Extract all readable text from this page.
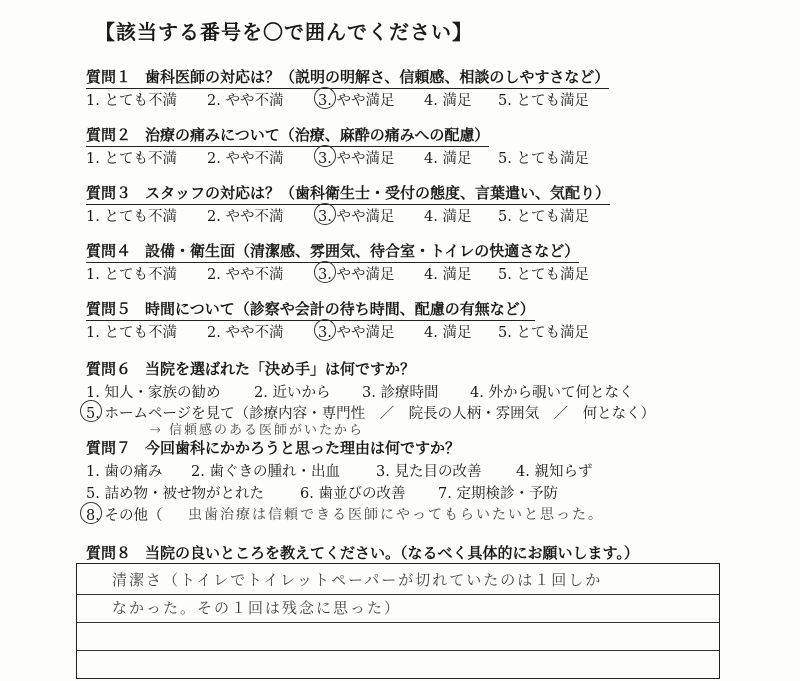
【該当する番号を〇で囲んでください】
質問１ 歯科医師の対応は？（説明の明解さ、信頼感、相談のしやすさなど）
1. とても不満 2. やや不満 3. やや満足 4. 満足 5. とても満足
質問２ 治療の痛みについて（治療、麻酔の痛みへの配慮）
1. とても不満 2. やや不満 3. やや満足 4. 満足 5. とても満足
質問３ スタッフの対応は？（歯科衛生士・受付の態度、言葉遣い、気配り）
1. とても不満 2. やや不満 3. やや満足 4. 満足 5. とても満足
質問４ 設備・衛生面（清潔感、雰囲気、待合室・トイレの快適さなど）
1. とても不満 2. やや不満 3. やや満足 4. 満足 5. とても満足
質問５ 時間について（診察や会計の待ち時間、配慮の有無など）
1. とても不満 2. やや不満 3. やや満足 4. 満足 5. とても満足
質問６ 当院を選ばれた「決め手」は何ですか？
1. 知人・家族の勧め 2. 近いから 3. 診療時間 4. 外から覗いて何となく
5. ホームページを見て（診療内容・専門性　／　院長の人柄・雰囲気　／　何となく）
→ 信頼感のある医師がいたから
質問７ 今回歯科にかかろうと思った理由は何ですか？
1. 歯の痛み 2. 歯ぐきの腫れ・出血 3. 見た目の改善 4. 親知らず
5. 詰め物・被せ物がとれた 6. 歯並びの改善 7. 定期検診・予防
8. その他（ 虫歯治療は信頼できる医師にやってもらいたいと思った。
質問８ 当院の良いところを教えてください。（なるべく具体的にお願いします。）
清潔さ（トイレでトイレットペーパーが切れていたのは１回しか
なかった。その１回は残念に思った）
